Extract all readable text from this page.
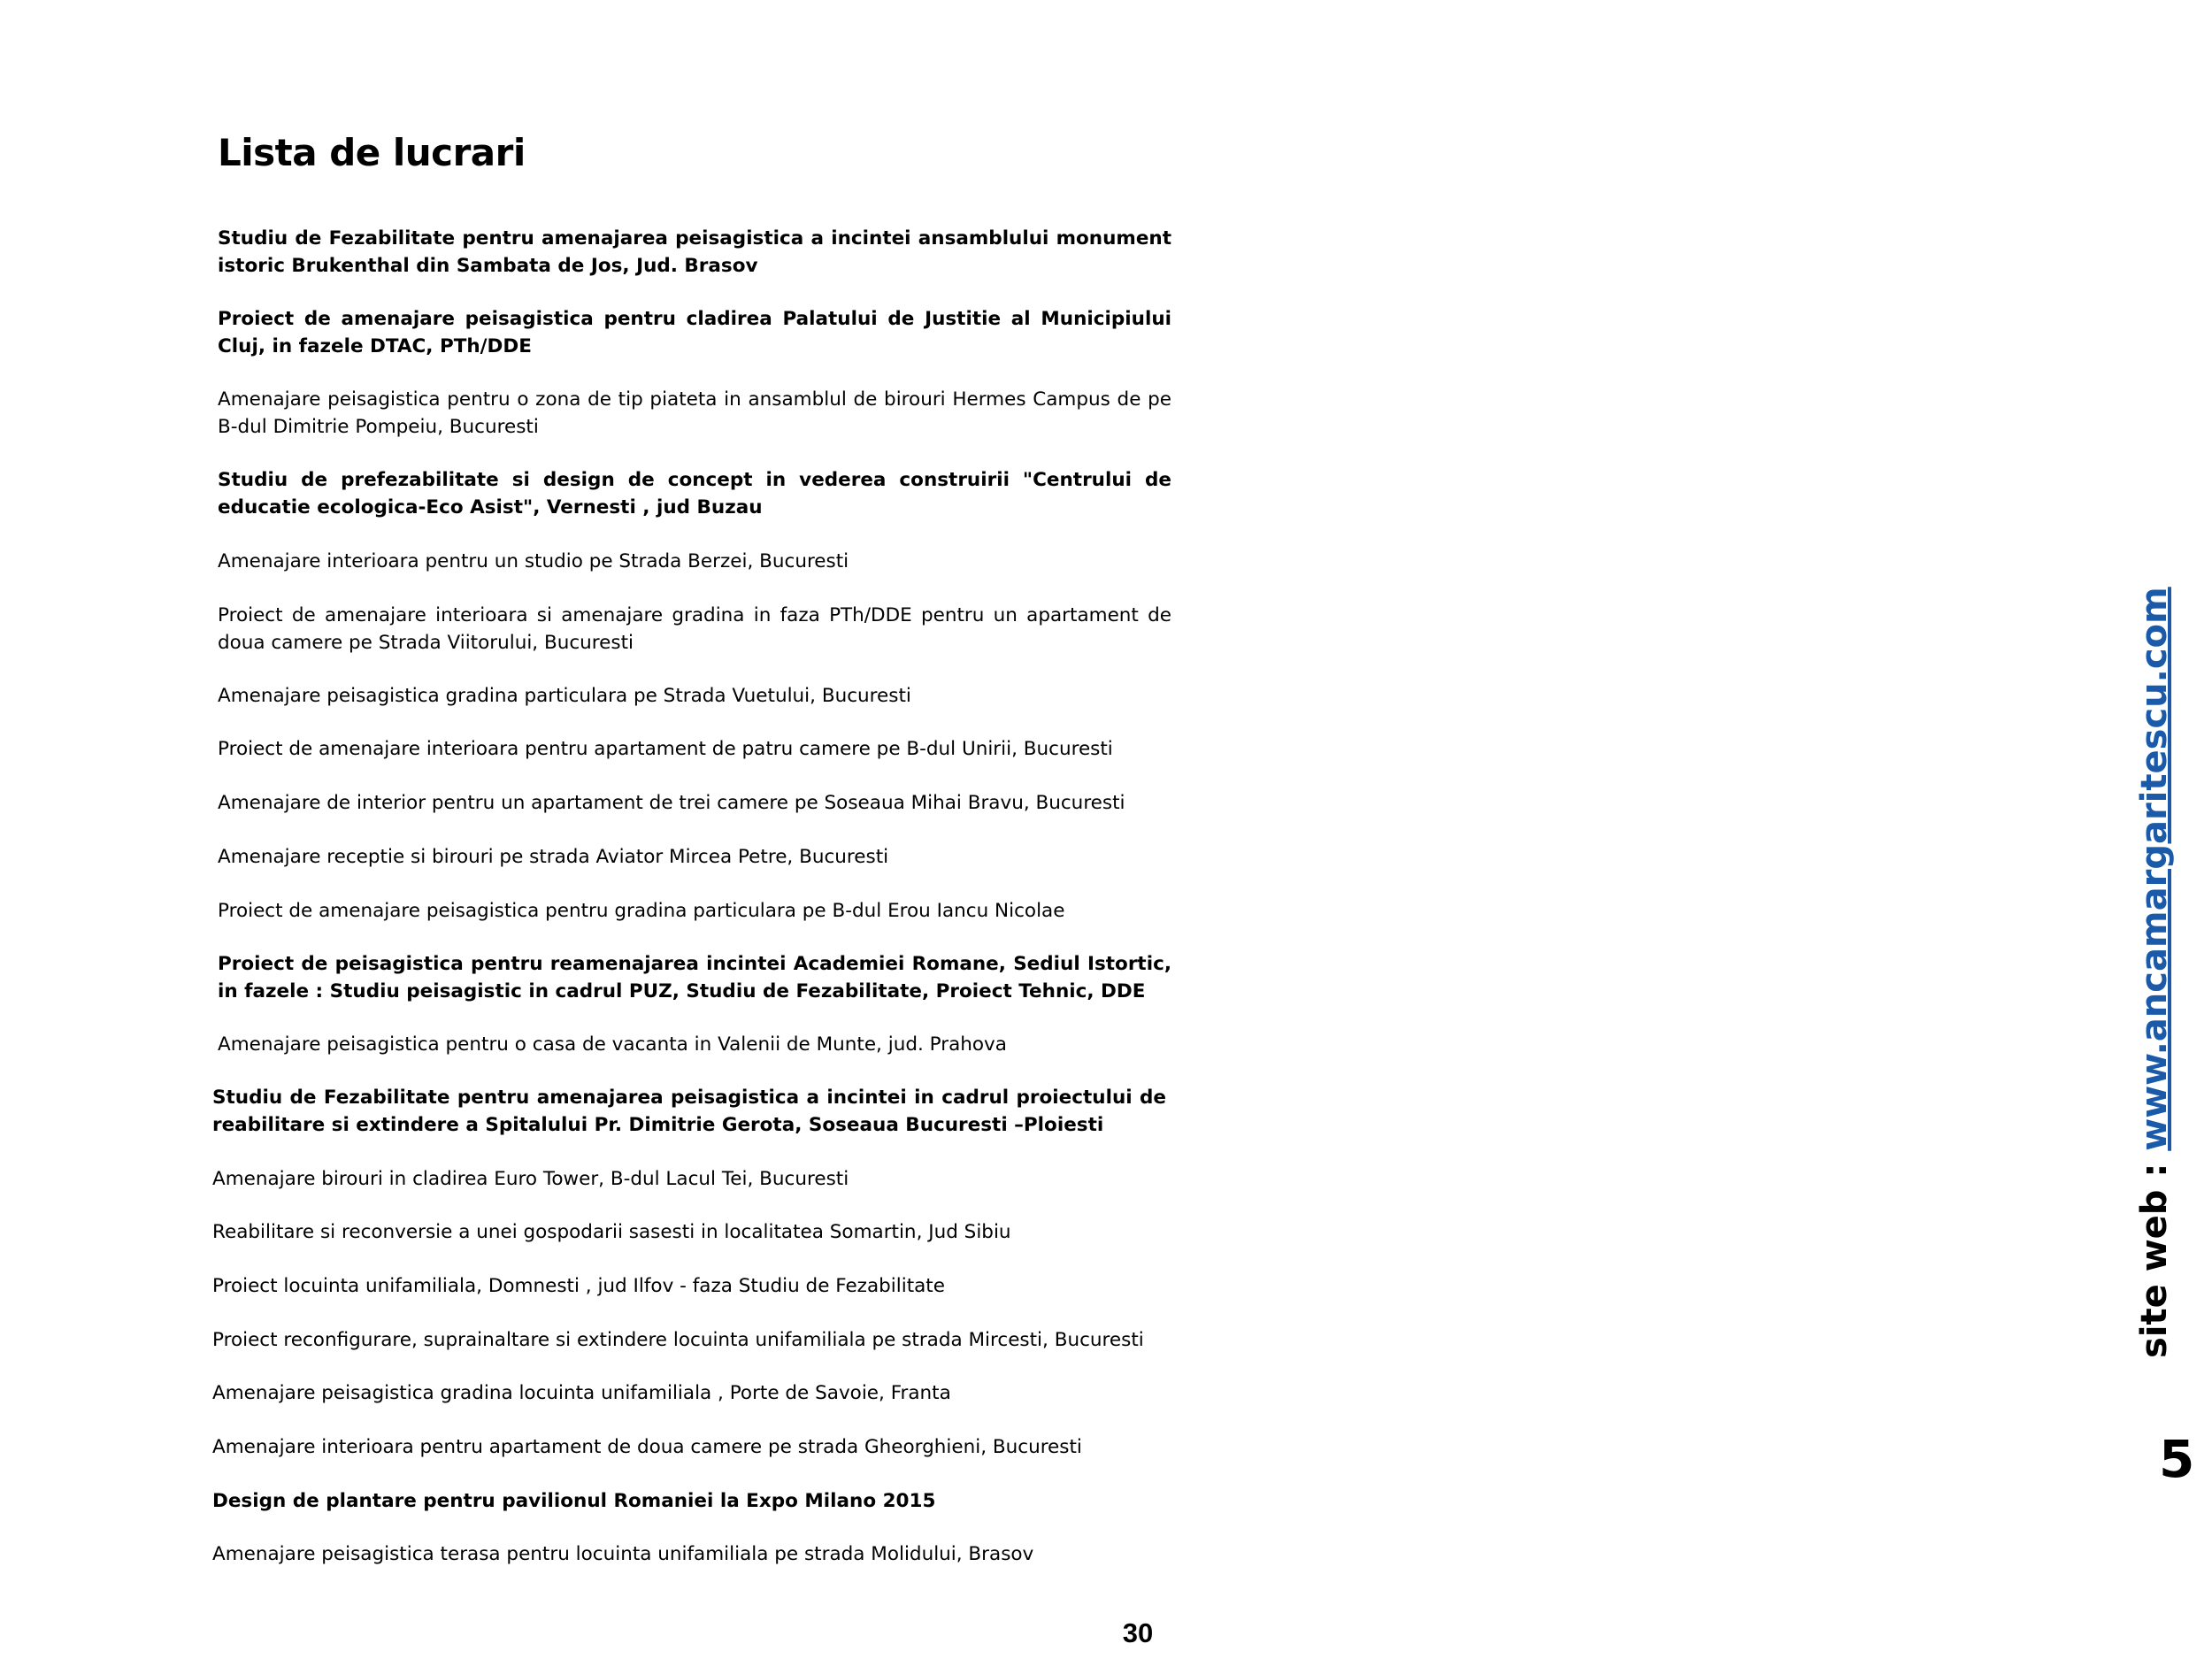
Lista de lucrari
Studiu de Fezabilitate pentru amenajarea peisagistica a incintei ansamblului monument istoric Brukenthal din Sambata de Jos, Jud. Brasov
Proiect de amenajare peisagistica pentru cladirea Palatului de Justitie al Municipiului Cluj, in fazele DTAC, PTh/DDE
Amenajare peisagistica pentru o zona de tip piateta in ansamblul de birouri Hermes Campus de pe B-dul Dimitrie Pompeiu, Bucuresti
Studiu de prefezabilitate si design de concept in vederea construirii "Centrului de educatie ecologica-Eco Asist", Vernesti , jud Buzau
Amenajare interioara pentru un studio pe Strada Berzei, Bucuresti
Proiect de amenajare interioara si amenajare gradina in faza PTh/DDE pentru un apartament de doua camere pe Strada Viitorului, Bucuresti
Amenajare peisagistica gradina particulara pe Strada Vuetului, Bucuresti
Proiect de amenajare interioara pentru apartament de patru camere pe B-dul Unirii, Bucuresti
Amenajare de interior pentru un apartament de trei camere pe Soseaua Mihai Bravu, Bucuresti
Amenajare receptie si birouri pe strada Aviator Mircea Petre, Bucuresti
Proiect de amenajare peisagistica pentru gradina particulara pe B-dul Erou Iancu Nicolae
Proiect de peisagistica pentru reamenajarea incintei Academiei Romane, Sediul Istortic, in fazele : Studiu peisagistic in cadrul PUZ, Studiu de Fezabilitate, Proiect Tehnic, DDE
Amenajare peisagistica pentru o casa de vacanta in Valenii de Munte, jud. Prahova
Studiu de Fezabilitate pentru amenajarea peisagistica a incintei in cadrul proiectului de reabilitare si extindere a Spitalului Pr. Dimitrie Gerota, Soseaua Bucuresti –Ploiesti
Amenajare birouri in cladirea Euro Tower, B-dul Lacul Tei, Bucuresti
Reabilitare si reconversie a unei gospodarii sasesti in localitatea Somartin, Jud Sibiu
Proiect locuinta unifamiliala, Domnesti , jud Ilfov - faza Studiu de Fezabilitate
Proiect reconfigurare, suprainaltare si extindere locuinta unifamiliala pe strada Mircesti, Bucuresti
Amenajare peisagistica gradina locuinta unifamiliala , Porte de Savoie, Franta
Amenajare interioara pentru apartament de doua camere pe strada Gheorghieni, Bucuresti
Design de plantare pentru pavilionul Romaniei la Expo Milano 2015
Amenajare peisagistica terasa pentru locuinta unifamiliala pe strada Molidului, Brasov
30
site web : www.ancamargaritescu.com
5
